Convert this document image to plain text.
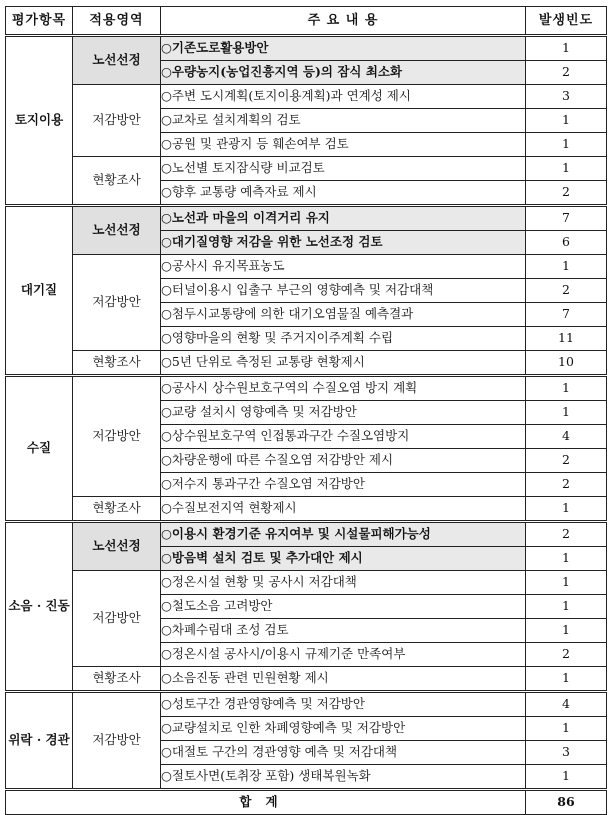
평가항목	적용영역	주 요 내 용	발생빈도
토지이용	노선선정	○기존도로활용방안	1
		○우량농지(농업진흥지역 등)의 잠식 최소화	2
	저감방안	○주변 도시계획(토지이용계획)과 연계성 제시	3
		○교차로 설치계획의 검토	1
		○공원 및 관광지 등 훼손여부 검토	1
	현황조사	○노선별 토지잠식량 비교검토	1
		○향후 교통량 예측자료 제시	2
대기질	노선선정	○노선과 마을의 이격거리 유지	7
		○대기질영향 저감을 위한 노선조정 검토	6
	저감방안	○공사시 유지목표농도	1
		○터널이용시 입출구 부근의 영향예측 및 저감대책	2
		○첨두시교통량에 의한 대기오염물질 예측결과	7
		○영향마을의 현황 및 주거지이주계획 수립	11
	현황조사	○5년 단위로 측정된 교통량 현황제시	10
수질	저감방안	○공사시 상수원보호구역의 수질오염 방지 계획	1
		○교량 설치시 영향예측 및 저감방안	1
		○상수원보호구역 인접통과구간 수질오염방지	4
		○차량운행에 따른 수질오염 저감방안 제시	2
		○저수지 통과구간 수질오염 저감방안	2
	현황조사	○수질보전지역 현황제시	1
소음 · 진동	노선선정	○이용시 환경기준 유지여부 및 시설물피해가능성	2
		○방음벽 설치 검토 및 추가대안 제시	1
	저감방안	○정온시설 현황 및 공사시 저감대책	1
		○철도소음 고려방안	1
		○차폐수림대 조성 검토	1
		○정온시설 공사시/이용시 규제기준 만족여부	2
	현황조사	○소음진동 관련 민원현황 제시	1
위락 · 경관	저감방안	○성토구간 경관영향예측 및 저감방안	4
		○교량설치로 인한 차폐영향예측 및 저감방안	1
		○대절토 구간의 경관영향 예측 및 저감대책	3
		○절토사면(토취장 포함) 생태복원녹화	1
합계			86
